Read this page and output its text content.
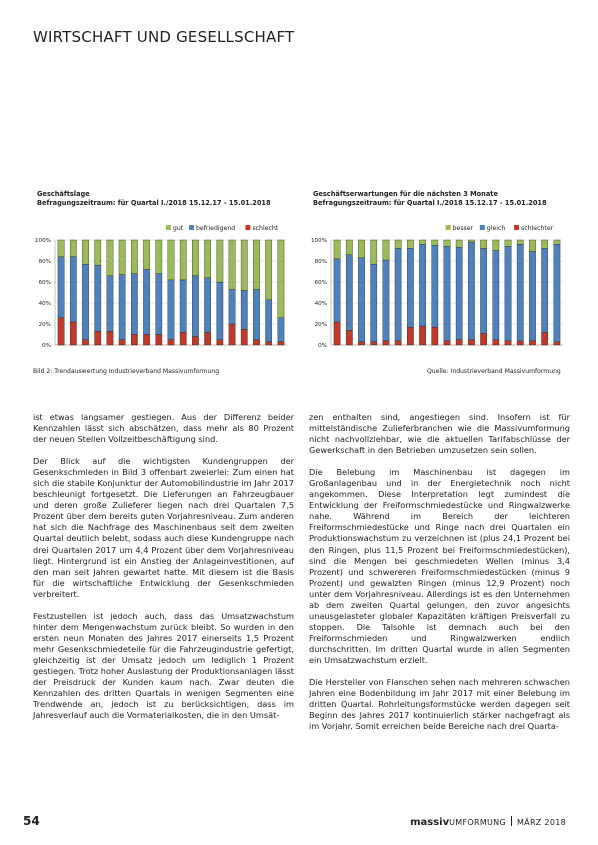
WIRTSCHAFT UND GESELLSCHAFT
Geschäftslage
Befragungszeitraum: für Quartal I./2018 15.12.17 - 15.01.2018
gut befriedigend	schlecht
0%
20%
40%
60%
80%
100%
Geschäftserwartungen für die nächsten 3 Monate
Befragungszeitraum: für Quartal I./2018 15.12.17 - 15.01.2018
besser gleich	schlechter
0%
20%
40%
60%
80%
100%
Bild 2: Trendauswertung Industrieverband Massivumformung	Quelle: Industrieverband Massivumformung

ist etwas langsamer gestiegen. Aus der Differenz beider Kennzahlen lässt sich abschätzen, dass mehr als 80 Prozent der neuen Stellen Vollzeitbeschäftigung sind.

Der Blick auf die wichtigsten Kundengruppen der Gesenkschmieden in Bild 3 offenbart zweierlei: Zum einen hat sich die stabile Konjunktur der Automobilindustrie im Jahr 2017 beschleunigt fortgesetzt. Die Lieferungen an Fahrzeugbauer und deren große Zulieferer liegen nach drei Quartalen 7,5 Prozent über dem bereits guten Vorjahresniveau. Zum anderen hat sich die Nachfrage des Maschinenbaus seit dem zweiten Quartal deutlich belebt, sodass auch diese Kundengruppe nach drei Quartalen 2017 um 4,4 Prozent über dem Vorjahresniveau liegt. Hintergrund ist ein Anstieg der Anlageinvestitionen, auf den man seit Jahren gewartet hatte. Mit diesem ist die Basis für die wirtschaftliche Entwicklung der Gesenkschmieden verbreitert.

Festzustellen ist jedoch auch, dass das Umsatzwachstum hinter dem Mengenwachstum zurück bleibt. So wurden in den ersten neun Monaten des Jahres 2017 einerseits 1,5 Prozent mehr Gesenkschmiedeteile für die Fahrzeugindustrie gefertigt, gleichzeitig ist der Umsatz jedoch um lediglich 1 Prozent gestiegen. Trotz hoher Auslastung der Produktionsanlagen lässt der Preisdruck der Kunden kaum nach. Zwar deuten die Kennzahlen des dritten Quartals in wenigen Segmenten eine Trendwende an, jedoch ist zu berücksichtigen, dass im Jahresverlauf auch die Vormaterialkosten, die in den Umsät-

zen enthalten sind, angestiegen sind. Insofern ist für mittelständische Zulieferbranchen wie die Massivumformung nicht nachvollziehbar, wie die aktuellen Tarifabschlüsse der Gewerkschaft in den Betrieben umzusetzen sein sollen.

Die Belebung im Maschinenbau ist dagegen im Großanlagenbau und in der Energietechnik noch nicht angekommen. Diese Interpretation legt zumindest die Entwicklung der Freiformschmiedestücke und Ringwalzwerke nahe. Während im Bereich der leichteren Freiformschmiedestücke und Ringe nach drei Quartalen ein Produktionswachstum zu verzeichnen ist (plus 24,1 Prozent bei den Ringen, plus 11,5 Prozent bei Freiformschmiedestücken), sind die Mengen bei geschmiedeten Wellen (minus 3,4 Prozent) und schwereren Freiformschmiedestücken (minus 9 Prozent) und gewalzten Ringen (minus 12,9 Prozent) noch unter dem Vorjahresniveau. Allerdings ist es den Unternehmen ab dem zweiten Quartal gelungen, den zuvor angesichts unausgelasteter globaler Kapazitäten kräftigen Preisverfall zu stoppen. Die Talsohle ist demnach auch bei den Freiformschmieden und Ringwalzwerken endlich durchschritten. Im dritten Quartal wurde in allen Segmenten ein Umsatzwachstum erzielt.

Die Hersteller von Flanschen sehen nach mehreren schwachen Jahren eine Bodenbildung im Jahr 2017 mit einer Belebung im dritten Quartal. Rohrleitungsformstücke werden dagegen seit Beginn des Jahres 2017 kontinuierlich stärker nachgefragt als im Vorjahr. Somit erreichen beide Bereiche nach drei Quarta-

54	massivUMFORMUNG MÄRZ 2018
